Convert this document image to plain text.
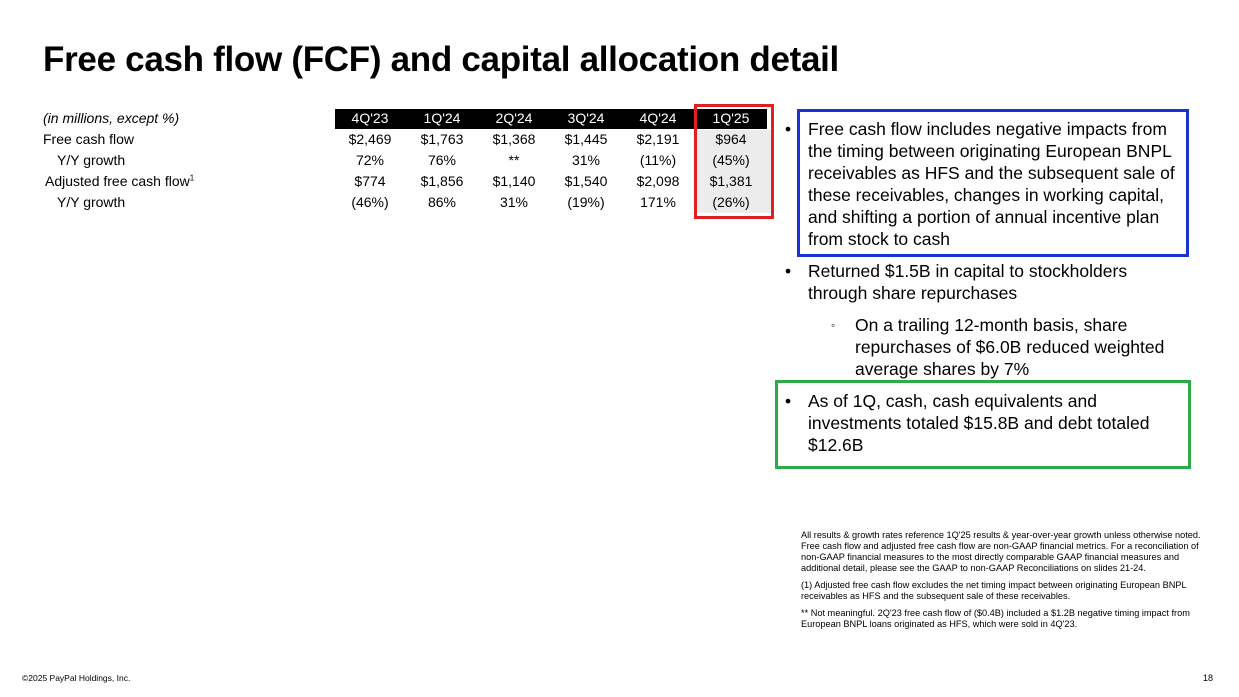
Free cash flow (FCF) and capital allocation detail
(in millions, except %)	4Q'23	1Q'24	2Q'24	3Q'24	4Q'24	1Q'25
Free cash flow	$2,469	$1,763	$1,368	$1,445	$2,191	$964
Y/Y growth	72%	76%	**	31%	(11%)	(45%)
Adjusted free cash flow$^1$	$774	$1,856	$1,140	$1,540	$2,098	$1,381
Y/Y growth	(46%)	86%	31%	(19%)	171%	(26%)
• Free cash flow includes negative impacts from the timing between originating European BNPL receivables as HFS and the subsequent sale of these receivables, changes in working capital, and shifting a portion of annual incentive plan from stock to cash
• Returned $1.5B in capital to stockholders through share repurchases
◦ On a trailing 12-month basis, share repurchases of $6.0B reduced weighted average shares by 7%
• As of 1Q, cash, cash equivalents and investments totaled $15.8B and debt totaled $12.6B

All results & growth rates reference 1Q'25 results & year-over-year growth unless otherwise noted. Free cash flow and adjusted free cash flow are non-GAAP financial metrics. For a reconciliation of non-GAAP financial measures to the most directly comparable GAAP financial measures and additional detail, please see the GAAP to non-GAAP Reconciliations on slides 21-24.

(1) Adjusted free cash flow excludes the net timing impact between originating European BNPL receivables as HFS and the subsequent sale of these receivables.

** Not meaningful. 2Q'23 free cash flow of ($0.4B) included a $1.2B negative timing impact from European BNPL loans originated as HFS, which were sold in 4Q'23.

©2025 PayPal Holdings, Inc.	18
